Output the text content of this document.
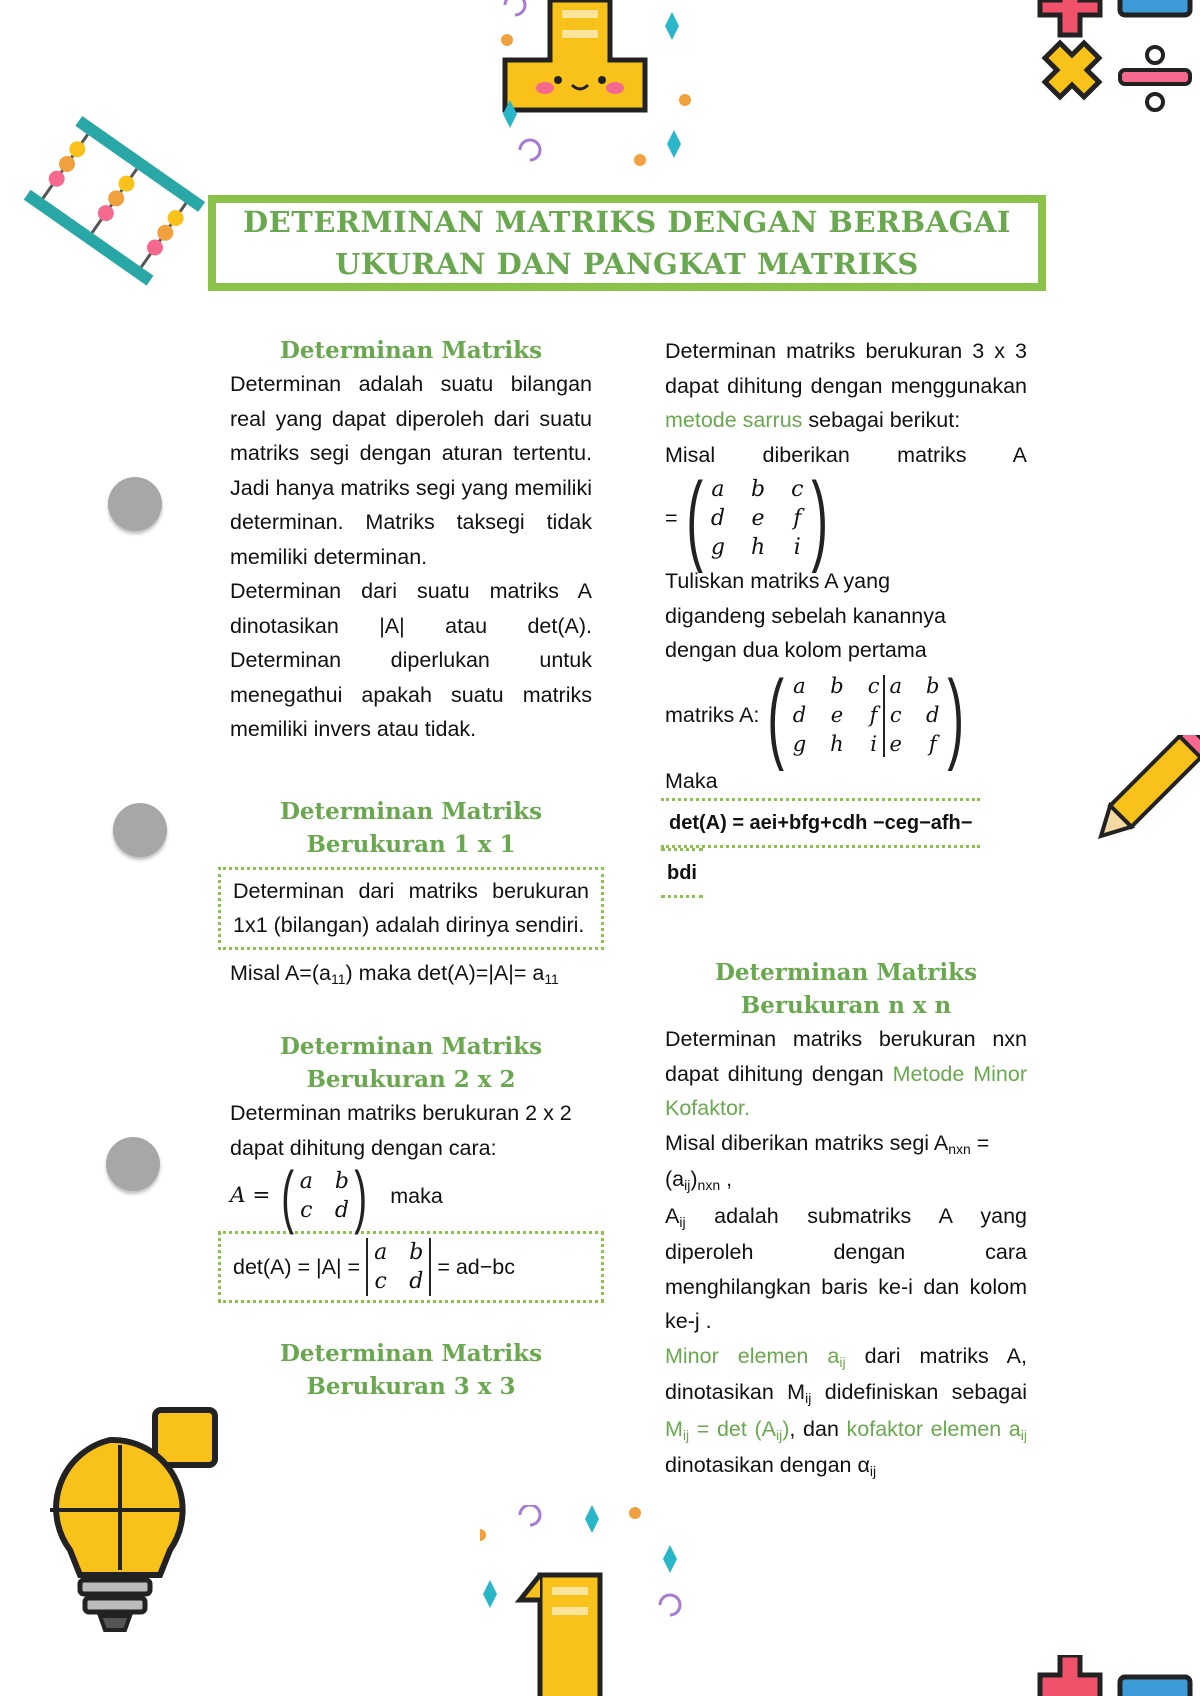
DETERMINAN MATRIKS DENGAN BERBAGAI
UKURAN DAN PANGKAT MATRIKS
Determinan Matriks

Determinan adalah suatu bilangan real yang dapat diperoleh dari suatu matriks segi dengan aturan tertentu. Jadi hanya matriks segi yang memiliki determinan. Matriks taksegi tidak memiliki determinan.

Determinan dari suatu matriks A dinotasikan |A| atau det(A). Determinan diperlukan untuk menegathui apakah suatu matriks memiliki invers atau tidak.

Determinan Matriks
Berukuran 1 x 1

Determinan dari matriks berukuran 1x1 (bilangan) adalah dirinya sendiri.

Misal A=(a11) maka det(A)=|A|= a11

Determinan Matriks
Berukuran 2 x 2

Determinan matriks berukuran 2 x 2 dapat dihitung dengan cara:

A = ( a b
c d ) maka
det(A) = |A| =
a b
c d
= ad−bc
Determinan Matriks
Berukuran 3 x 3

Determinan matriks berukuran 3 x 3 dapat dihitung dengan menggunakan metode sarrus sebagai berikut:

Misal diberikan matriks A

= ( a b c
d e f
g h i )

Tuliskan matriks A yang digandeng sebelah kanannya dengan dua kolom pertama

matriks A: ( a b c
d e f
g h i
a b
c d
e f )

Maka

det(A) = aei+bfg+cdh −ceg−afh−
bdi
Determinan Matriks
Berukuran n x n

Determinan matriks berukuran nxn dapat dihitung dengan Metode Minor Kofaktor.

Misal diberikan matriks segi Anxn = (aij)nxn ,

Aij adalah submatriks A yang diperoleh dengan cara menghilangkan baris ke-i dan kolom ke-j .

Minor elemen aij dari matriks A, dinotasikan Mij didefiniskan sebagai Mij = det (Aij), dan kofaktor elemen aij dinotasikan dengan αij
